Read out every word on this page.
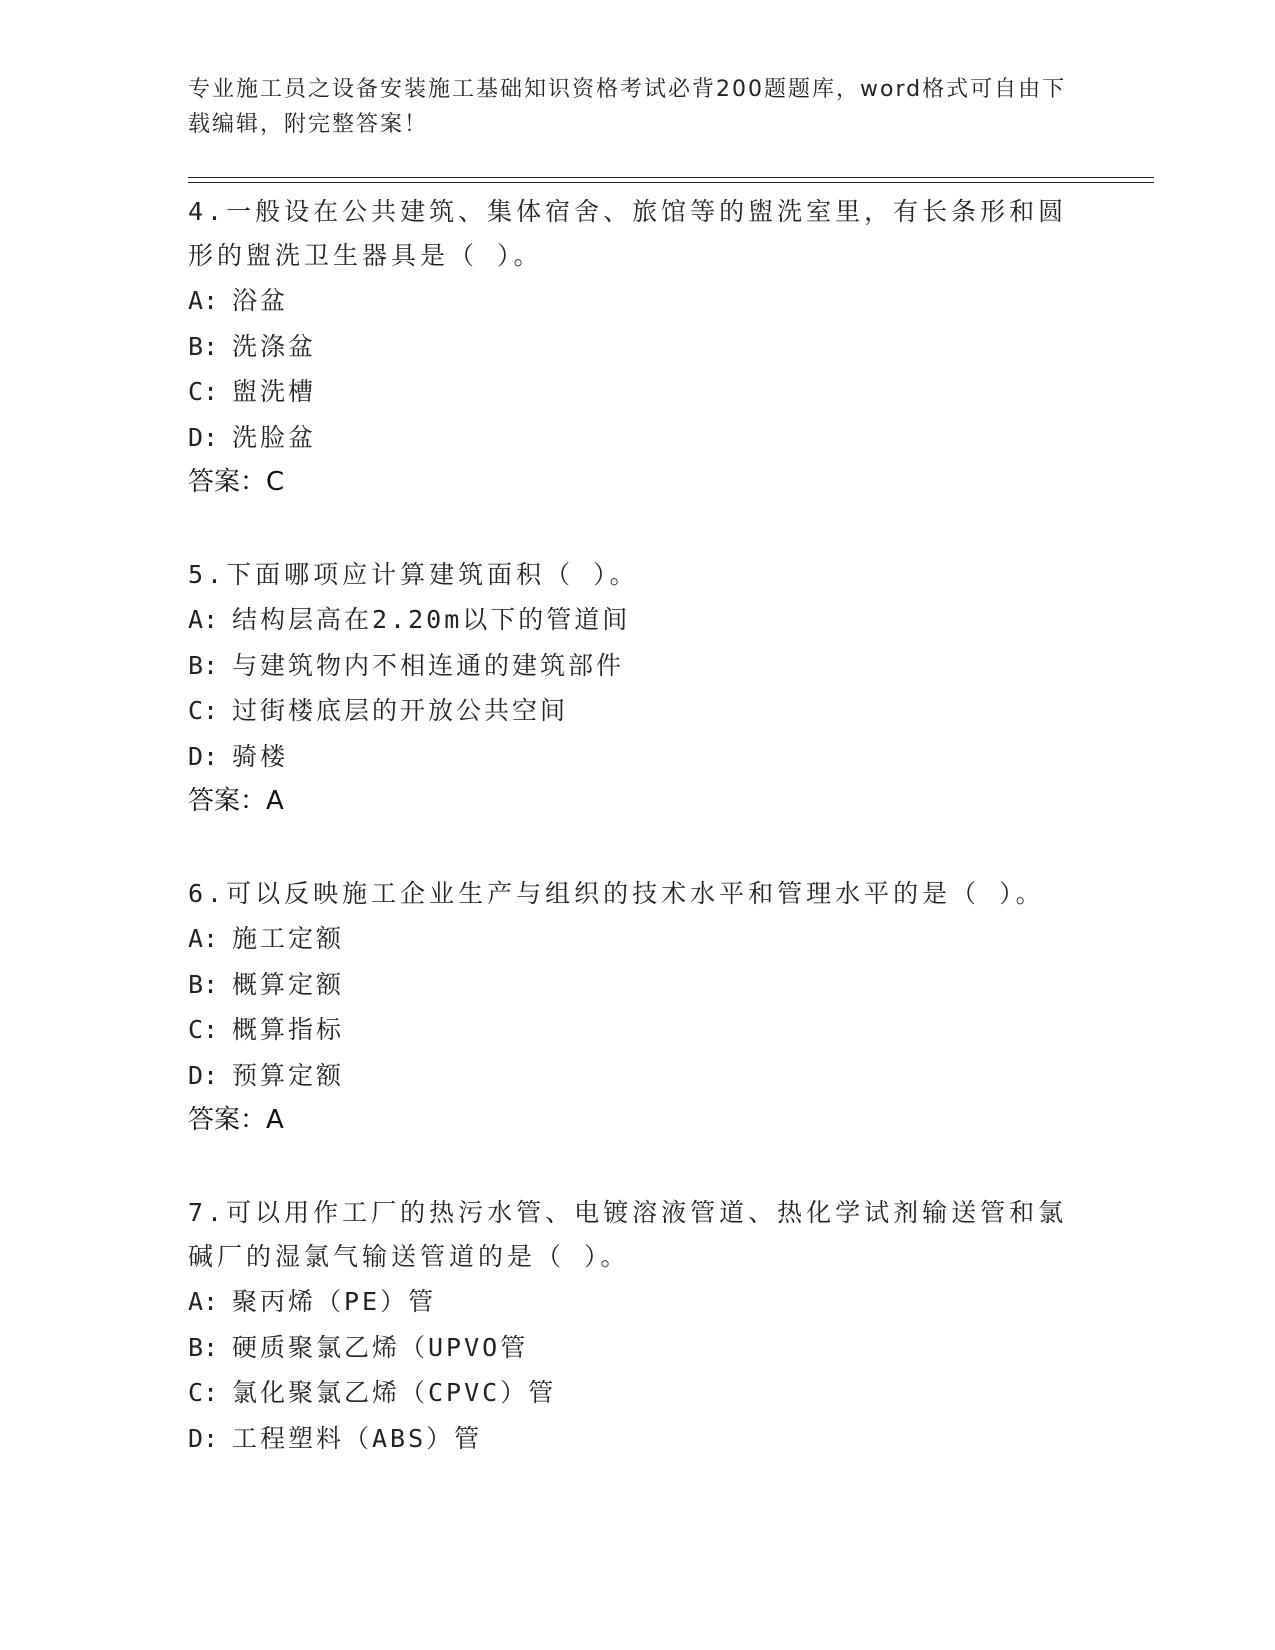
专业施工员之设备安装施工基础知识资格考试必背200题题库，word格式可自由下载编辑，附完整答案！

4.一般设在公共建筑、集体宿舍、旅馆等的盥洗室里，有长条形和圆形的盥洗卫生器具是（ ）。

A: 浴盆
B: 洗涤盆
C: 盥洗槽
D: 洗脸盆
答案：C

5.下面哪项应计算建筑面积（ ）。

A: 结构层高在2.20m以下的管道间
B: 与建筑物内不相连通的建筑部件
C: 过街楼底层的开放公共空间
D: 骑楼
答案：A

6.可以反映施工企业生产与组织的技术水平和管理水平的是（ ）。

A: 施工定额
B: 概算定额
C: 概算指标
D: 预算定额
答案：A

7.可以用作工厂的热污水管、电镀溶液管道、热化学试剂输送管和氯碱厂的湿氯气输送管道的是（ ）。

A: 聚丙烯（PE）管
B: 硬质聚氯乙烯（UPVO管
C: 氯化聚氯乙烯（CPVC）管
D: 工程塑料（ABS）管
